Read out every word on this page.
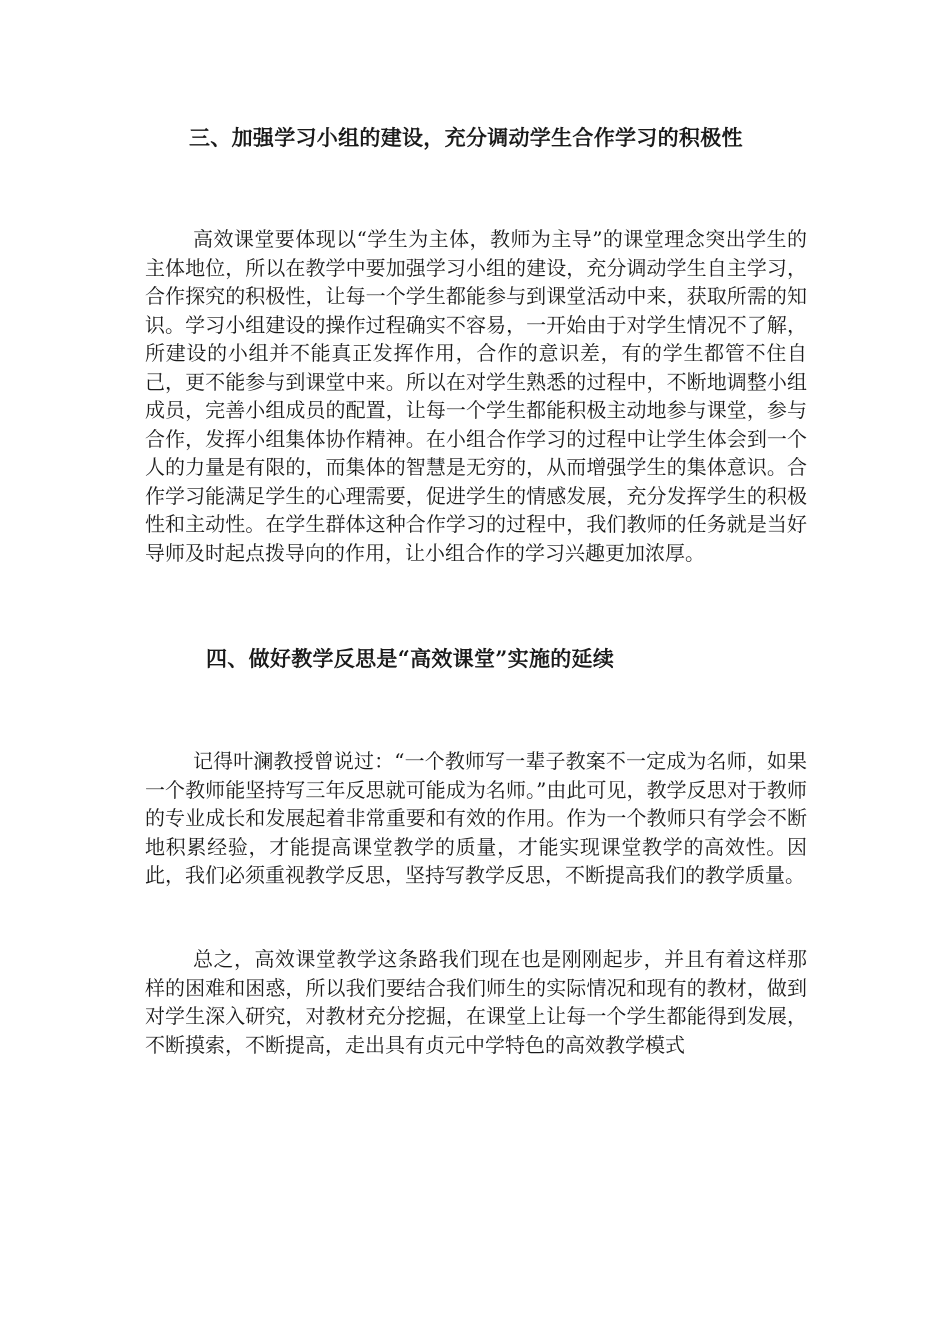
三、加强学习小组的建设，充分调动学生合作学习的积极性

高效课堂要体现以“学生为主体，教师为主导”的课堂理念突出学生的主体地位，所以在教学中要加强学习小组的建设，充分调动学生自主学习，合作探究的积极性，让每一个学生都能参与到课堂活动中来，获取所需的知识。学习小组建设的操作过程确实不容易，一开始由于对学生情况不了解，所建设的小组并不能真正发挥作用，合作的意识差，有的学生都管不住自己，更不能参与到课堂中来。所以在对学生熟悉的过程中，不断地调整小组成员，完善小组成员的配置，让每一个学生都能积极主动地参与课堂，参与合作，发挥小组集体协作精神。在小组合作学习的过程中让学生体会到一个人的力量是有限的，而集体的智慧是无穷的，从而增强学生的集体意识。合作学习能满足学生的心理需要，促进学生的情感发展，充分发挥学生的积极性和主动性。在学生群体这种合作学习的过程中，我们教师的任务就是当好导师及时起点拨导向的作用，让小组合作的学习兴趣更加浓厚。

四、做好教学反思是“高效课堂”实施的延续

记得叶澜教授曾说过：“一个教师写一辈子教案不一定成为名师，如果一个教师能坚持写三年反思就可能成为名师。”由此可见，教学反思对于教师的专业成长和发展起着非常重要和有效的作用。作为一个教师只有学会不断地积累经验，才能提高课堂教学的质量，才能实现课堂教学的高效性。因此，我们必须重视教学反思，坚持写教学反思，不断提高我们的教学质量。

总之，高效课堂教学这条路我们现在也是刚刚起步，并且有着这样那样的困难和困惑，所以我们要结合我们师生的实际情况和现有的教材，做到对学生深入研究，对教材充分挖掘，在课堂上让每一个学生都能得到发展，不断摸索，不断提高，走出具有贞元中学特色的高效教学模式
